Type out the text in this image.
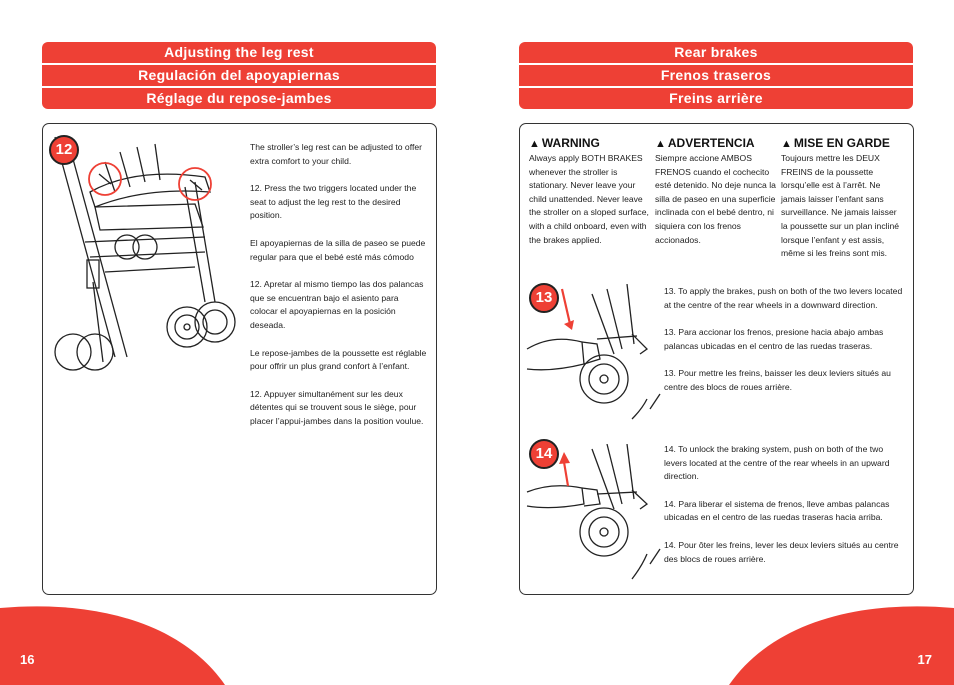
16	17
Adjusting the leg rest
Regulación del apoyapiernas
Réglage du repose-jambes
Rear brakes
Frenos traseros
Freins arrière
12	The stroller’s leg rest can be adjusted to offer extra comfort to your child.

12. Press the two triggers located under the seat to adjust the leg rest to the desired position.

El apoyapiernas de la silla de paseo se puede regular para que el bebé esté más cómodo

12. Apretar al mismo tiempo las dos palancas que se encuentran bajo el asiento para colocar el apoyapiernas en la posición deseada.

Le repose-jambes de la poussette est réglable pour offrir un plus grand confort à l’enfant.

12. Appuyer simultanément sur les deux détentes qui se trouvent sous le siège, pour placer l’appui-jambes dans la position voulue.

▲ WARNING
Always apply BOTH BRAKES whenever the stroller is stationary. Never leave your child unattended. Never leave the stroller on a sloped surface, with a child onboard, even with the brakes applied.
▲ ADVERTENCIA
Siempre accione AMBOS FRENOS cuando el cochecito esté detenido. No deje nunca la silla de paseo en una superficie inclinada con el bebé dentro, ni siquiera con los frenos accionados.
▲ MISE EN GARDE
Toujours mettre les DEUX FREINS de la poussette lorsqu’elle est à l’arrêt. Ne jamais laisser l’enfant sans surveillance. Ne jamais laisser la poussette sur un plan incliné lorsque l’enfant y est assis, même si les freins sont mis.
13	13. To apply the brakes, push on both of the two levers located at the centre of the rear wheels in a downward direction.

13. Para accionar los frenos, presione hacia abajo ambas palancas ubicadas en el centro de las ruedas traseras.

13. Pour mettre les freins, baisser les deux leviers situés au centre des blocs de roues arrière.

14	14. To unlock the braking system, push on both of the two levers located at the centre of the rear wheels in an upward direction.

14. Para liberar el sistema de frenos, lleve ambas palancas ubicadas en el centro de las ruedas traseras hacia arriba.

14. Pour ôter les freins, lever les deux leviers situés au centre des blocs de roues arrière.
